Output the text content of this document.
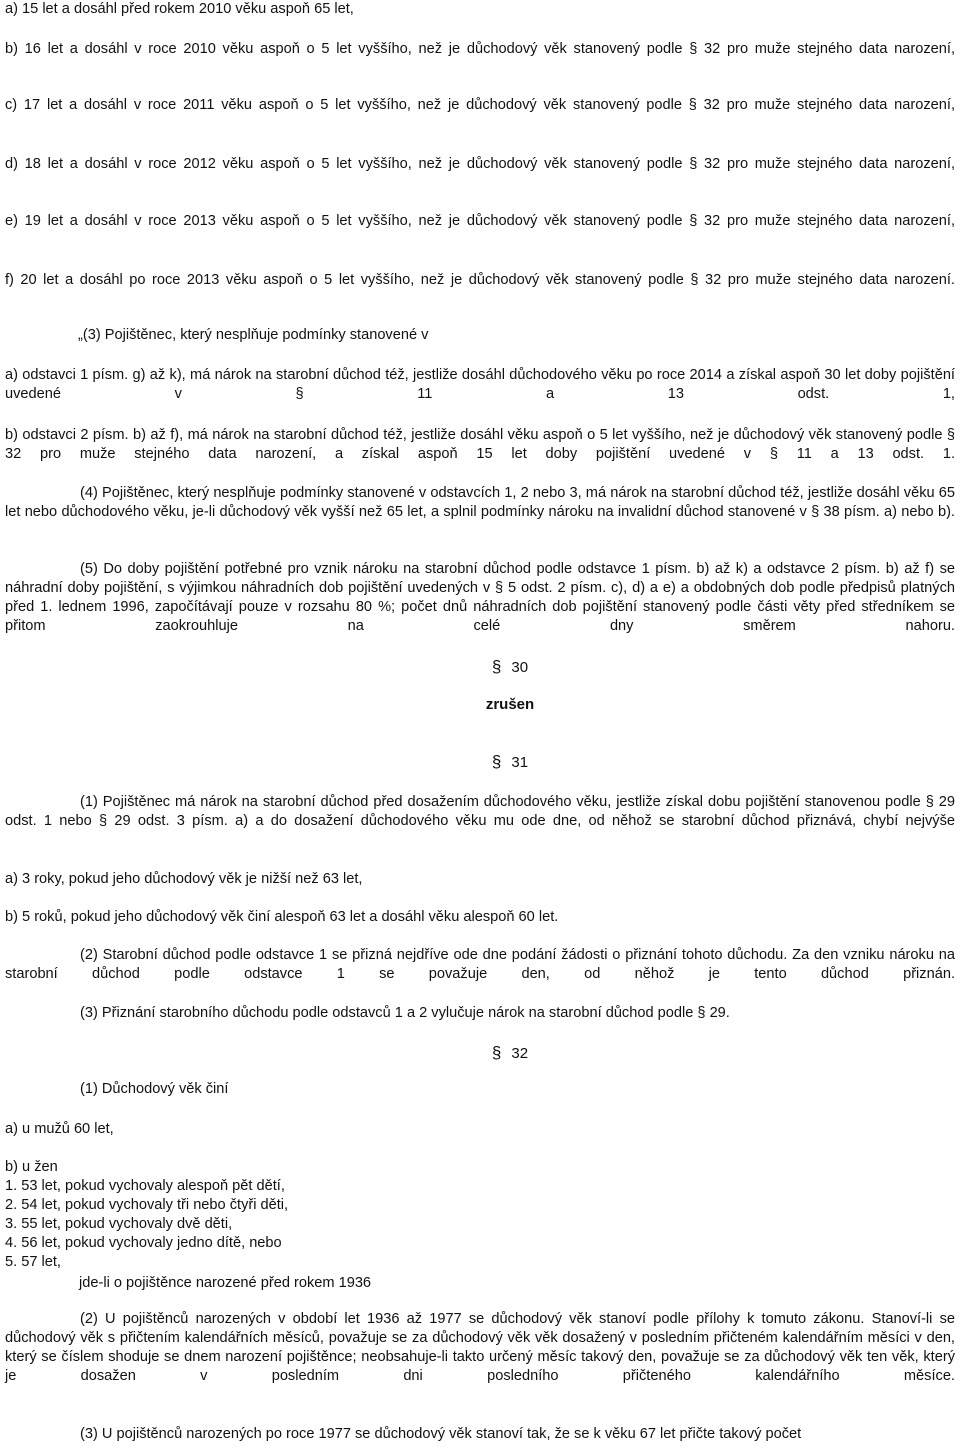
a) 15 let a dosáhl před rokem 2010 věku aspoň 65 let,

b) 16 let a dosáhl v roce 2010 věku aspoň o 5 let vyššího, než je důchodový věk stanovený podle § 32 pro muže stejného data narození,

c) 17 let a dosáhl v roce 2011 věku aspoň o 5 let vyššího, než je důchodový věk stanovený podle § 32 pro muže stejného data narození,

d) 18 let a dosáhl v roce 2012 věku aspoň o 5 let vyššího, než je důchodový věk stanovený podle § 32 pro muže stejného data narození,

e) 19 let a dosáhl v roce 2013 věku aspoň o 5 let vyššího, než je důchodový věk stanovený podle § 32 pro muže stejného data narození,

f) 20 let a dosáhl po roce 2013 věku aspoň o 5 let vyššího, než je důchodový věk stanovený podle § 32 pro muže stejného data narození.

„(3) Pojištěnec, který nesplňuje podmínky stanovené v

a) odstavci 1 písm. g) až k), má nárok na starobní důchod též, jestliže dosáhl důchodového věku po roce 2014 a získal aspoň 30 let doby pojištění uvedené v § 11 a 13 odst. 1,

b) odstavci 2 písm. b) až f), má nárok na starobní důchod též, jestliže dosáhl věku aspoň o 5 let vyššího, než je důchodový věk stanovený podle § 32 pro muže stejného data narození, a získal aspoň 15 let doby pojištění uvedené v § 11 a 13 odst. 1.

(4) Pojištěnec, který nesplňuje podmínky stanovené v odstavcích 1, 2 nebo 3, má nárok na starobní důchod též, jestliže dosáhl věku 65 let nebo důchodového věku, je-li důchodový věk vyšší než 65 let, a splnil podmínky nároku na invalidní důchod stanovené v § 38 písm. a) nebo b).

(5) Do doby pojištění potřebné pro vznik nároku na starobní důchod podle odstavce 1 písm. b) až k) a odstavce 2 písm. b) až f) se náhradní doby pojištění, s výjimkou náhradních dob pojištění uvedených v § 5 odst. 2 písm. c), d) a e) a obdobných dob podle předpisů platných před 1. lednem 1996, započítávají pouze v rozsahu 80 %; počet dnů náhradních dob pojištění stanovený podle části věty před středníkem se přitom zaokrouhluje na celé dny směrem nahoru.

§ 30
zrušen
§ 31

(1) Pojištěnec má nárok na starobní důchod před dosažením důchodového věku, jestliže získal dobu pojištění stanovenou podle § 29 odst. 1 nebo § 29 odst. 3 písm. a) a do dosažení důchodového věku mu ode dne, od něhož se starobní důchod přiznává, chybí nejvýše

a) 3 roky, pokud jeho důchodový věk je nižší než 63 let,

b) 5 roků, pokud jeho důchodový věk činí alespoň 63 let a dosáhl věku alespoň 60 let.

(2) Starobní důchod podle odstavce 1 se přizná nejdříve ode dne podání žádosti o přiznání tohoto důchodu. Za den vzniku nároku na starobní důchod podle odstavce 1 se považuje den, od něhož je tento důchod přiznán.

(3) Přiznání starobního důchodu podle odstavců 1 a 2 vylučuje nárok na starobní důchod podle § 29.

§ 32

(1) Důchodový věk činí

a) u mužů 60 let,

b) u žen

1. 53 let, pokud vychovaly alespoň pět dětí,

2. 54 let, pokud vychovaly tři nebo čtyři děti,

3. 55 let, pokud vychovaly dvě děti,

4. 56 let, pokud vychovaly jedno dítě, nebo

5. 57 let,

jde-li o pojištěnce narozené před rokem 1936

(2) U pojištěnců narozených v období let 1936 až 1977 se důchodový věk stanoví podle přílohy k tomuto zákonu. Stanoví-li se důchodový věk s přičtením kalendářních měsíců, považuje se za důchodový věk věk dosažený v posledním přičteném kalendářním měsíci v den, který se číslem shoduje se dnem narození pojištěnce; neobsahuje-li takto určený měsíc takový den, považuje se za důchodový věk ten věk, který je dosažen v posledním dni posledního přičteného kalendářního měsíce.

(3) U pojištěnců narozených po roce 1977 se důchodový věk stanoví tak, že se k věku 67 let přičte takový počet
